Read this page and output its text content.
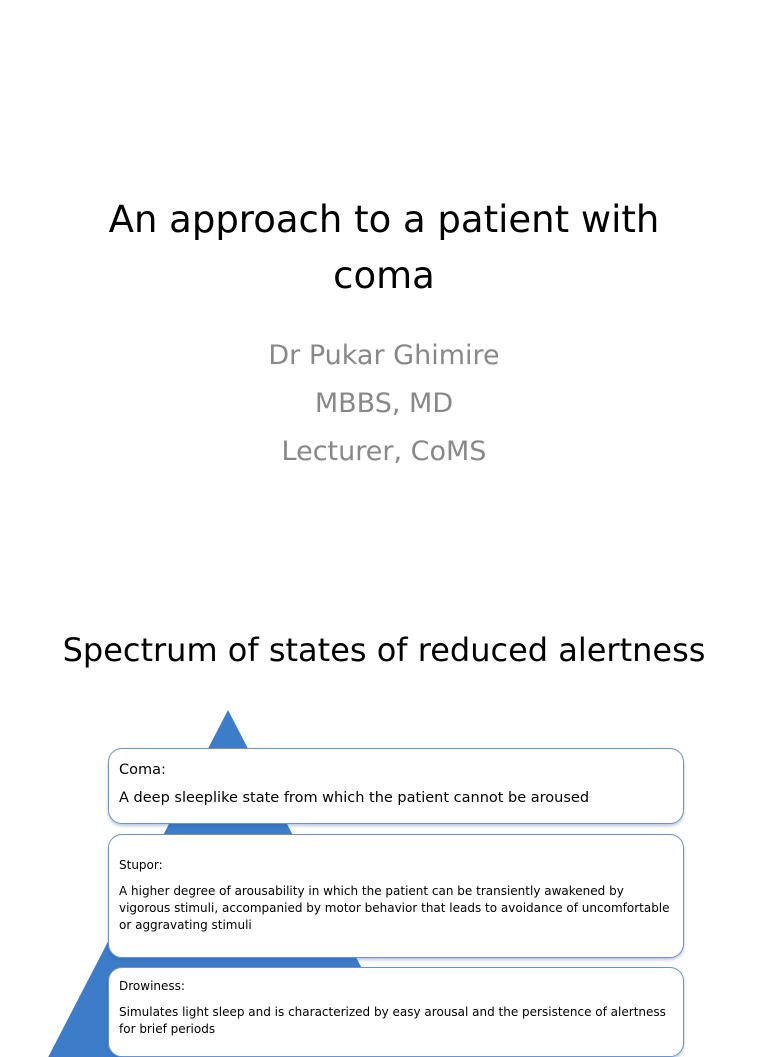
An approach to a patient with
coma
Dr Pukar Ghimire
MBBS, MD
Lecturer, CoMS
Spectrum of states of reduced alertness
Coma:
A deep sleeplike state from which the patient cannot be aroused
Stupor:
A higher degree of arousability in which the patient can be transiently awakened by vigorous stimuli, accompanied by motor behavior that leads to avoidance of uncomfortable or aggravating stimuli
Drowiness:
Simulates light sleep and is characterized by easy arousal and the persistence of alertness for brief periods
